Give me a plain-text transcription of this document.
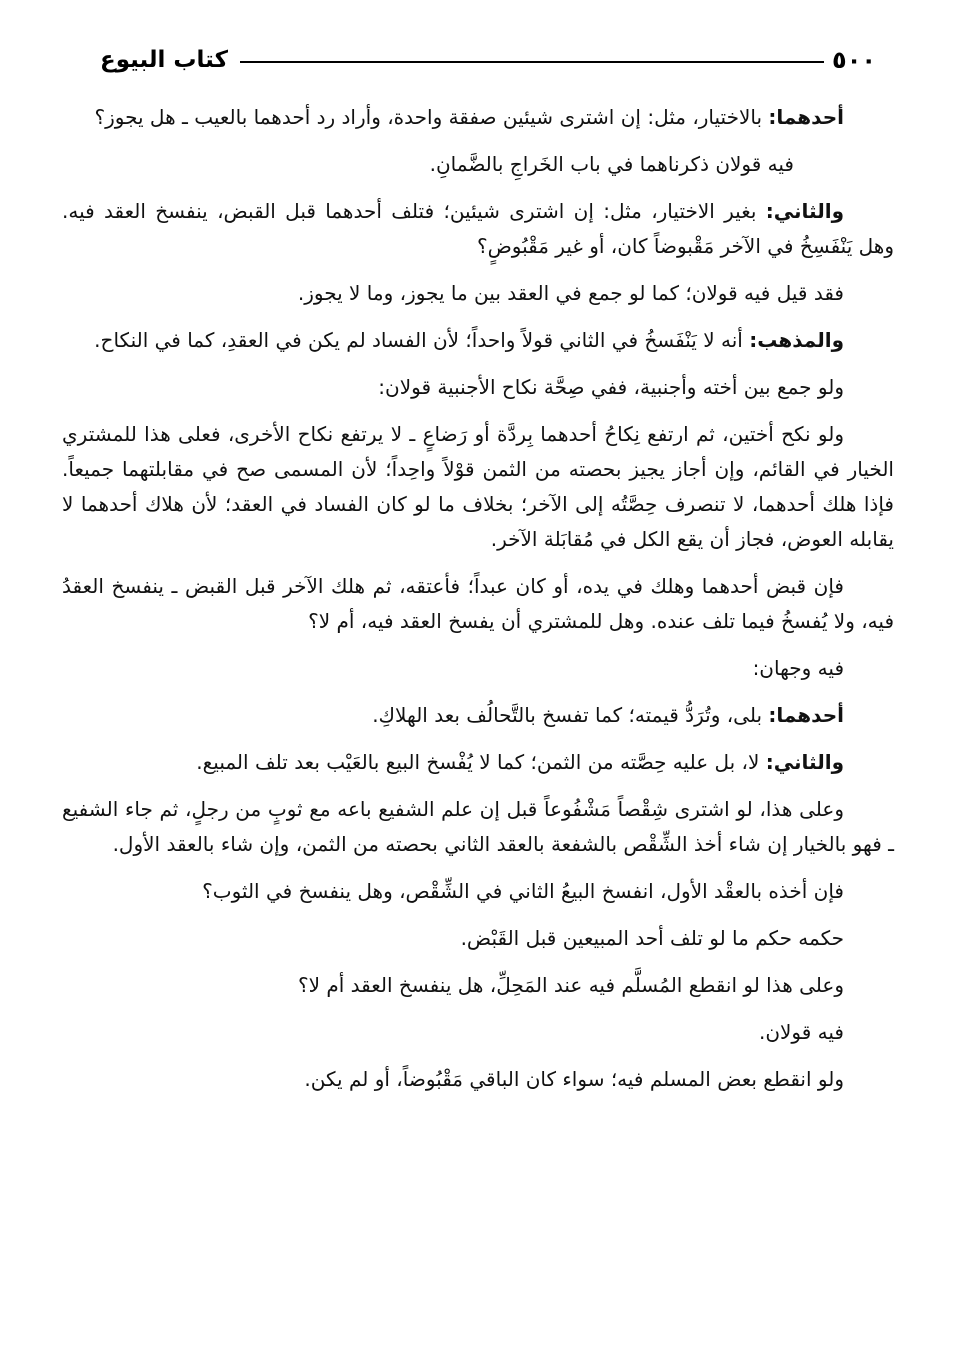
كتاب البيوع	٥٠٠

أحدهما: بالاختيار، مثل: إن اشترى شيئين صفقة واحدة، وأراد رد أحدهما بالعيب ـ هل يجوز؟

فيه قولان ذكرناهما في باب الخَراجِ بالضَّمانِ.

والثاني: بغير الاختيار، مثل: إن اشترى شيئين؛ فتلف أحدهما قبل القبض، ينفسخ العقد فيه. وهل يَنْفَسِخُ في الآخر مَقْبوضاً كان، أو غير مَقْبُوضٍ؟

فقد قيل فيه قولان؛ كما لو جمع في العقد بين ما يجوز، وما لا يجوز.

والمذهب: أنه لا يَنْفَسخُ في الثاني قولاً واحداً؛ لأن الفساد لم يكن في العقدِ، كما في النكاح.

ولو جمع بين أخته وأجنبية، ففي صِحَّة نكاح الأجنبية قولان:

ولو نكح أختين، ثم ارتفع نِكاحُ أحدهما بِردَّة أو رَضاعٍ ـ لا يرتفع نكاح الأخرى، فعلى هذا للمشتري الخيار في القائم، وإن أجاز يجيز بحصته من الثمن قوْلاً واحِداً؛ لأن المسمى صح في مقابلتهما جميعاً. فإذا هلك أحدهما، لا تنصرف حِصَّتُه إلى الآخر؛ بخلاف ما لو كان الفساد في العقد؛ لأن هلاك أحدهما لا يقابله العوض، فجاز أن يقع الكل في مُقابَلة الآخر.

فإن قبض أحدهما وهلك في يده، أو كان عبداً؛ فأعتقه، ثم هلك الآخر قبل القبض ـ ينفسخ العقدُ فيه، ولا يُفسخُ فيما تلف عنده. وهل للمشتري أن يفسخ العقد فيه، أم لا؟

فيه وجهان:

أحدهما: بلى، وتُرَدُّ قيمته؛ كما تفسخ بالتَّحالُف بعد الهلاكِ.

والثاني: لا، بل عليه حِصَّته من الثمن؛ كما لا يُفْسخ البيع بالعَيْب بعد تلف المبيع.

وعلى هذا، لو اشترى شِقْصاً مَشْفُوعاً قبل إن علم الشفيع باعه مع ثوبٍ من رجلٍ، ثم جاء الشفيع ـ فهو بالخيار إن شاء أخذ الشِّقْص بالشفعة بالعقد الثاني بحصته من الثمن، وإن شاء بالعقد الأول.

فإن أخذه بالعقْد الأول، انفسخ البيعُ الثاني في الشِّقْص، وهل ينفسخ في الثوب؟

حكمه حكم ما لو تلف أحد المبيعين قبل القَبْض.

وعلى هذا لو انقطع المُسلَّم فيه عند المَحِلِّ، هل ينفسخ العقد أم لا؟

فيه قولان.

ولو انقطع بعض المسلم فيه؛ سواء كان الباقي مَقْبُوضاً، أو لم يكن.
